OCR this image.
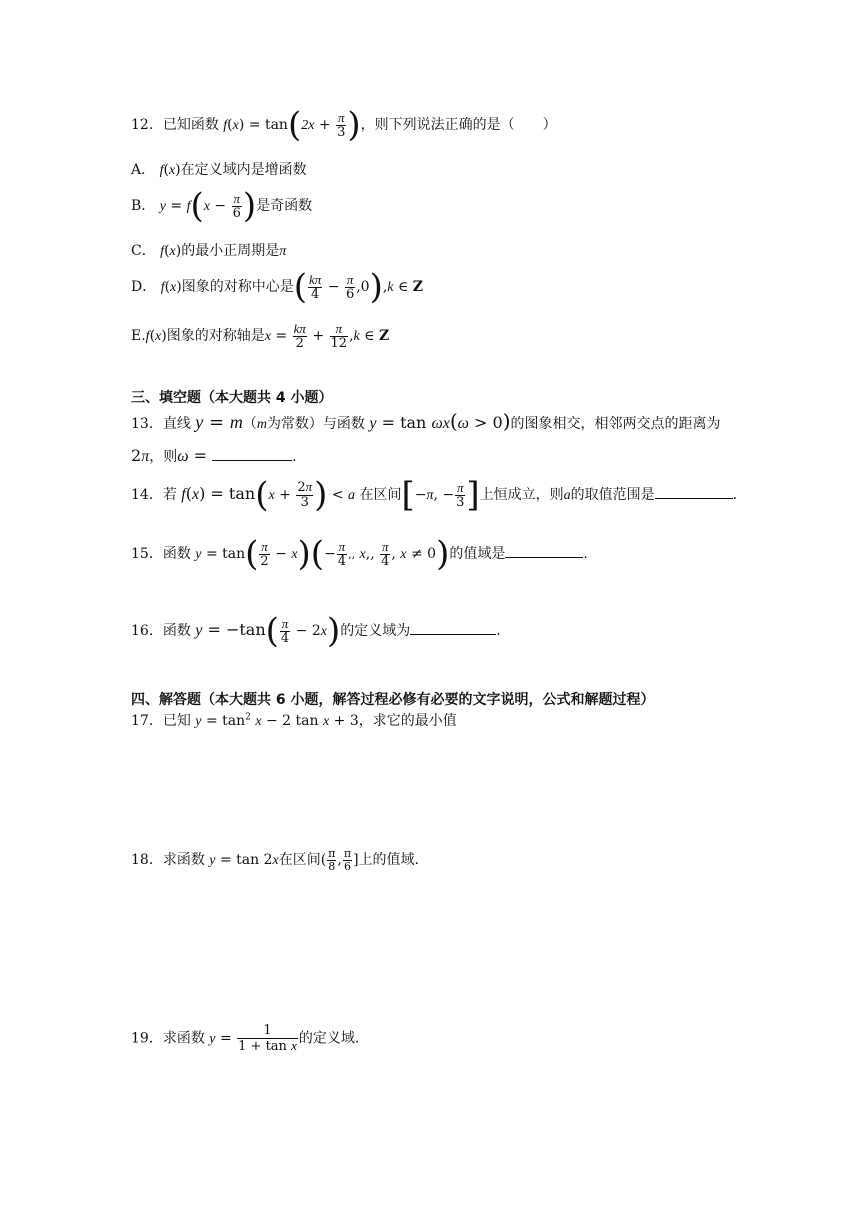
12．已知函数 $f(x) = \tan(2x + \frac{\pi}{3}$ )，则下列说法正确的是（　　）
A． f(x)在定义域内是增函数
B． $y = f(x - \frac{\pi}{6}$ )是奇函数
C． f(x)的最小正周期是π
D． f(x)图象的对称中心是( $\frac{k\pi}{4} - \frac{\pi}{6} ,0),k$ ∈ Z
E.f(x)图象的对称轴是$x = \frac{k\pi}{2} + \frac{\pi}{12} ,k$ ∈ Z
三、填空题（本大题共 4 小题）
13．直线 y = m（m为常数）与函数 y = tan ωx(ω > 0)的图象相交，相邻两交点的距离为
2π，则ω =	.
14．若 $f(x) = \tan(x + \frac{2\pi}{3}$ ) < a 在区间[−π, − $\frac{\pi}{3}$ ]上恒成立，则a的取值范围是	.
15．函数 $y = \tan( \frac{\pi}{2} - x)(- \frac{\pi}{4}$ ,, x,, $\frac{\pi}{4}$ , x ≠ 0)的值域是	.
16．函数 $y = -\tan( \frac{\pi}{4} - 2x)$的定义域为	.
四、解答题（本大题共 6 小题，解答过程必修有必要的文字说明，公式和解题过程）
17．已知 $y = \tan^2 x - 2$ tan x + 3，求它的最小值
18．求函数 y = tan 2x在区间( $\frac{\pi}{8}$ , $\frac{\pi}{6}$ ]上的值域.
19．求函数 $y = \frac{1}{\text{1 + tan x}}$ 的定义域.
